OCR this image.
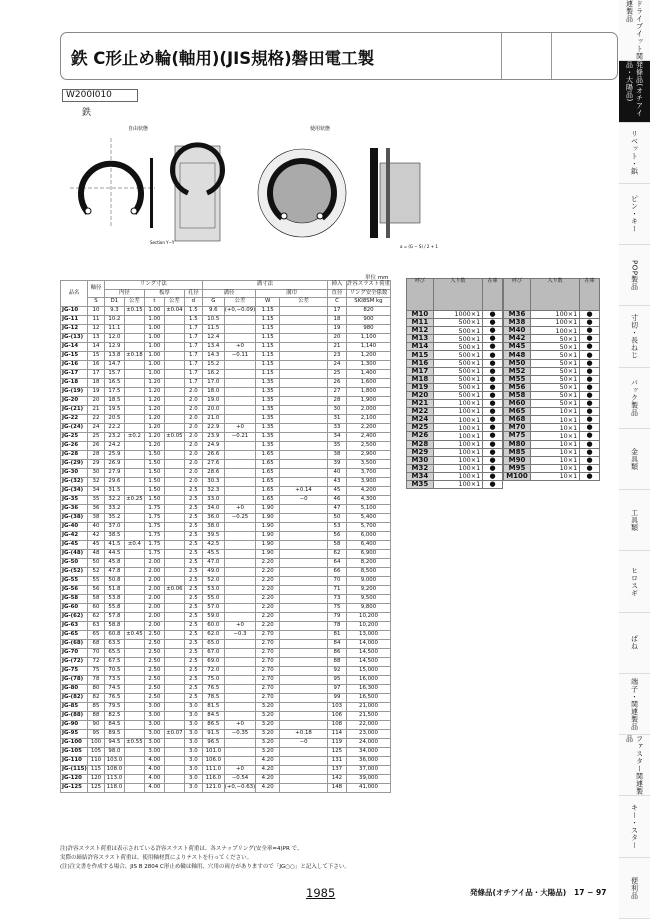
鉄 C形止め輪(軸用)(JIS規格)磐田電工製
W200I010
鉄
自由状態	使用状態
Section Y−Y
a = (G − S) / 2 + 1
単位 mm
品名	軸径	リング寸法					溝寸法				挿入	許容スラスト荷重
		内径		板厚		孔径	溝径		溝巾		直径	リング安全係数
	S	D1	公差	t	公差	d	G	公差	W	公差	C	SKI8SM kg
JG-10	10	9.3	±0.15	1.00	±0.04	1.5	9.6	(+0,−0.09)	1.15		17	820
JG-11	11	10.2		1.00		1.5	10.5		1.15		18	900
JG-12	12	11.1		1.00		1.7	11.5		1.15		19	980
JG-(13)	13	12.0		1.00		1.7	12.4		1.15		20	1,100
JG-14	14	12.9		1.00		1.7	13.4	+0	1.15		21	1,140
JG-15	15	13.8	±0.18	1.00		1.7	14.3	−0.11	1.15		23	1,200
JG-16	16	14.7		1.00		1.7	15.2		1.15		24	1,300
JG-17	17	15.7		1.00		1.7	16.2		1.15		25	1,400
JG-18	18	16.5		1.20		1.7	17.0		1.35		26	1,600
JG-(19)	19	17.5		1.20		2.0	18.0		1.35		27	1,800
JG-20	20	18.5		1.20		2.0	19.0		1.35		28	1,900
JG-(21)	21	19.5		1.20		2.0	20.0		1.35		30	2,000
JG-22	22	20.5		1.20		2.0	21.0		1.35		31	2,100
JG-(24)	24	22.2		1.20		2.0	22.9	+0	1.35		33	2,200
JG-25	25	23.2	±0.2	1.20	±0.05	2.0	23.9	−0.21	1.35		34	2,400
JG-26	26	24.2		1.20		2.0	24.9		1.35		35	2,500
JG-28	28	25.9		1.50		2.0	26.6		1.65		38	2,900
JG-(29)	29	26.9		1.50		2.0	27.6		1.65		39	3,500
JG-30	30	27.9		1.50		2.0	28.6		1.65		40	3,700
JG-(32)	32	29.6		1.50		2.0	30.3		1.65		43	3,900
JG-(34)	34	31.5		1.50		2.5	32.3		1.65	+0.14	45	4,200
JG-35	35	32.2	±0.25	1.50		2.5	33.0		1.65	−0	46	4,300
JG-36	36	33.2		1.75		2.5	34.0	+0	1.90		47	5,100
JG-(38)	38	35.2		1.75		2.5	36.0	−0.25	1.90		50	5,400
JG-40	40	37.0		1.75		2.5	38.0		1.90		53	5,700
JG-42	42	38.5		1.75		2.5	39.5		1.90		56	6,000
JG-45	45	41.5	±0.4	1.75		2.5	42.5		1.90		58	6,400
JG-(48)	48	44.5		1.75		2.5	45.5		1.90		62	6,900
JG-50	50	45.8		2.00		2.5	47.0		2.20		64	8,200
JG-(52)	52	47.8		2.00		2.5	49.0		2.20		66	8,500
JG-55	55	50.8		2.00		2.5	52.0		2.20		70	9,000
JG-56	56	51.8		2.00	±0.06	2.5	53.0		2.20		71	9,200
JG-58	58	53.8		2.00		2.5	55.0		2.20		73	9,500
JG-60	60	55.8		2.00		2.5	57.0		2.20		75	9,800
JG-(62)	62	57.8		2.00		2.5	59.0		2.20		79	10,200
JG-63	63	58.8		2.00		2.5	60.0	+0	2.20		78	10,200
JG-65	65	60.8	±0.45	2.50		2.5	62.0	−0.3	2.70		81	13,000
JG-(68)	68	63.5		2.50		2.5	65.0		2.70		84	14,000
JG-70	70	65.5		2.50		2.5	67.0		2.70		86	14,500
JG-(72)	72	67.5		2.50		2.5	69.0		2.70		88	14,500
JG-75	75	70.5		2.50		2.5	72.0		2.70		92	15,000
JG-(78)	78	73.5		2.50		2.5	75.0		2.70		95	16,000
JG-80	80	74.5		2.50		2.5	76.5		2.70		97	16,300
JG-(82)	82	76.5		2.50		2.5	78.5		2.70		99	16,500
JG-85	85	79.5		3.00		3.0	81.5		3.20		103	21,000
JG-(88)	88	82.5		3.00		3.0	84.5		3.20		106	21,500
JG-90	90	84.5		3.00		3.0	86.5	+0	3.20		108	22,000
JG-95	95	89.5		3.00	±0.07	3.0	91.5	−0.35	3.20	+0.18	114	23,000
JG-100	100	94.5	±0.55	3.00		3.0	96.5		3.20	−0	119	24,000
JG-105	105	98.0		3.00		3.0	101.0		3.20		125	34,000
JG-110	110	103.0		4.00		3.0	106.0		4.20		131	36,000
JG-(115)	115	108.0		4.00		3.0	111.0	+0	4.20		137	37,000
JG-120	120	113.0		4.00		3.0	116.0	−0.54	4.20		142	39,000
JG-125	125	118.0		4.00		3.0	121.0	(+0,−0.63)	4.20		148	41,000
呼び	入り数	在庫
M10	1000×1	●
M11	500×1	●
M12	500×1	●
M13	500×1	●
M14	500×1	●
M15	500×1	●
M16	500×1	●
M17	500×1	●
M18	500×1	●
M19	500×1	●
M20	500×1	●
M21	100×1	●
M22	100×1	●
M24	100×1	●
M25	100×1	●
M26	100×1	●
M28	100×1	●
M29	100×1	●
M30	100×1	●
M32	100×1	●
M34	100×1	●
M35	100×1	●
呼び	入り数	在庫
M36	100×1	●
M38	100×1	●
M40	100×1	●
M42	50×1	●
M45	50×1	●
M48	50×1	●
M50	50×1	●
M52	50×1	●
M55	50×1	●
M56	50×1	●
M58	50×1	●
M60	50×1	●
M65	10×1	●
M68	10×1	●
M70	10×1	●
M75	10×1	●
M80	10×1	●
M85	10×1	●
M90	10×1	●
M95	10×1	●
M100	10×1	●
注)許容スラスト荷重は表示されている許容スラスト荷重は、各スナップリング(安全率=4)PR で、
実際の締結許容スラスト荷重は、使用軸材質によりテストを行ってください。
(注)注文書を作成する場合、JIS B 2804 C形止め輪は軸用、穴用の両方がありますので「JG○○」と記入して下さい。
1985	発條品(オチアイ品・大陽品) 17 − 97
ドライブイット関連製品
発條品(オチアイ品・大陽品)
リベット・鋲
ピン・キー
POP製品
寸切・長ねじ
バック製品
金具類
工具類
ヒロスギ
ばね
端子・関連製品
ファスター関連製品
キー・スター
便利品
